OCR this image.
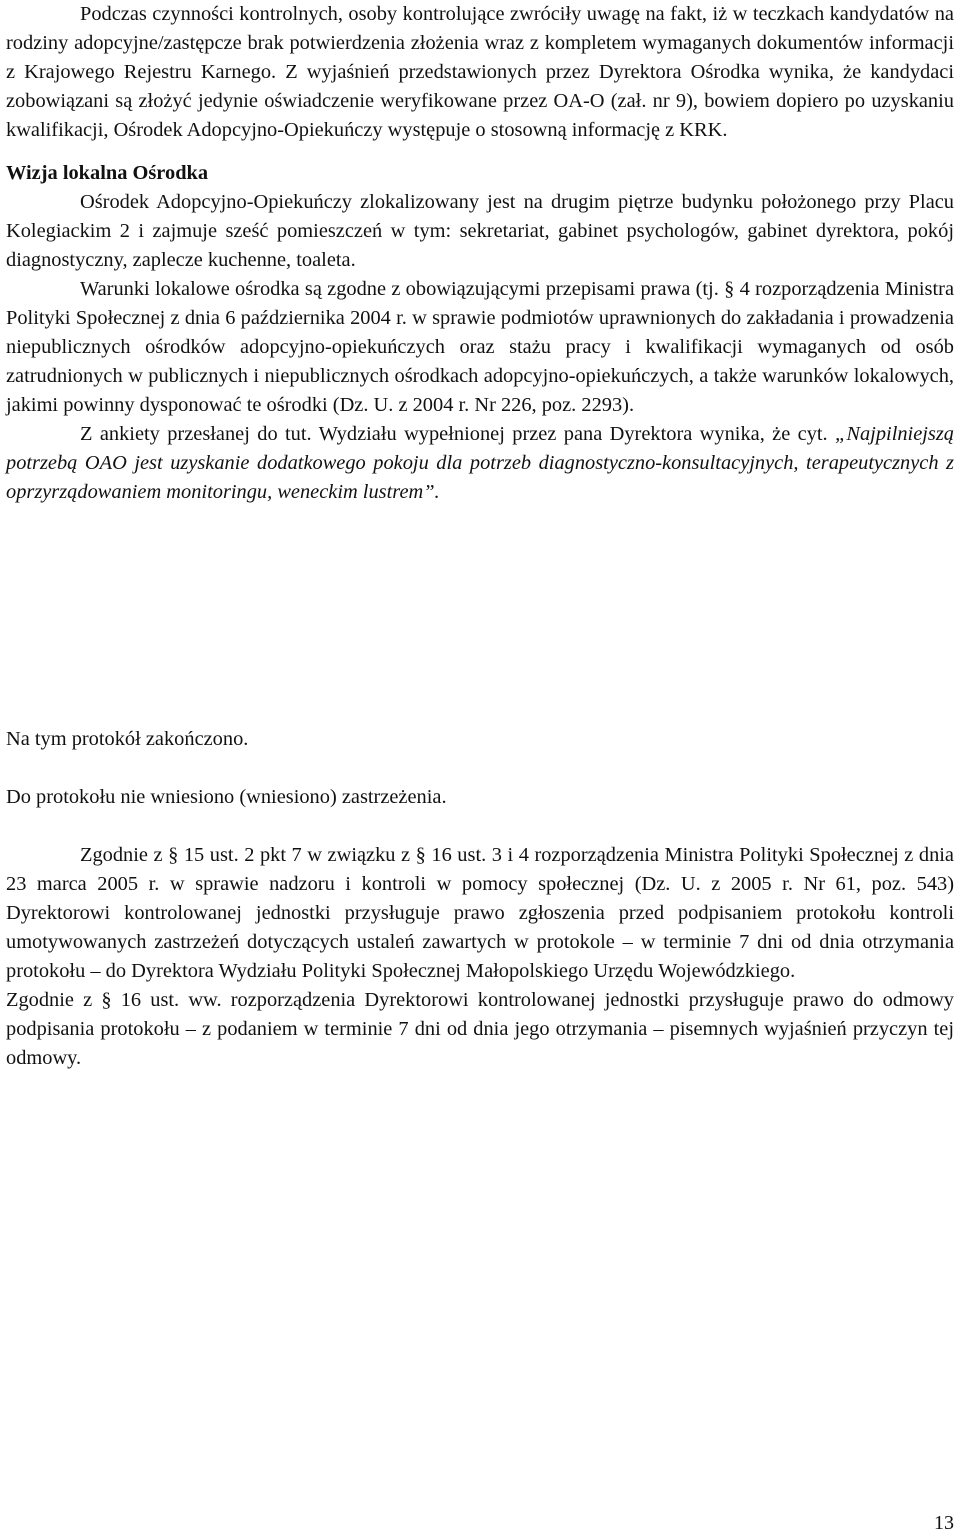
Podczas czynności kontrolnych, osoby kontrolujące zwróciły uwagę na fakt, iż w teczkach kandydatów na rodziny adopcyjne/zastępcze brak potwierdzenia złożenia wraz z kompletem wymaganych dokumentów informacji z Krajowego Rejestru Karnego. Z wyjaśnień przedstawionych przez Dyrektora Ośrodka wynika, że kandydaci zobowiązani są złożyć jedynie oświadczenie weryfikowane przez OA-O (zał. nr 9), bowiem dopiero po uzyskaniu kwalifikacji, Ośrodek Adopcyjno-Opiekuńczy występuje o stosowną informację z KRK.

Wizja lokalna Ośrodka

Ośrodek Adopcyjno-Opiekuńczy zlokalizowany jest na drugim piętrze budynku położonego przy Placu Kolegiackim 2 i zajmuje sześć pomieszczeń w tym: sekretariat, gabinet psychologów, gabinet dyrektora, pokój diagnostyczny, zaplecze kuchenne, toaleta.

Warunki lokalowe ośrodka są zgodne z obowiązującymi przepisami prawa (tj. § 4 rozporządzenia Ministra Polityki Społecznej z dnia 6 października 2004 r. w sprawie podmiotów uprawnionych do zakładania i prowadzenia niepublicznych ośrodków adopcyjno-opiekuńczych oraz stażu pracy i kwalifikacji wymaganych od osób zatrudnionych w publicznych i niepublicznych ośrodkach adopcyjno-opiekuńczych, a także warunków lokalowych, jakimi powinny dysponować te ośrodki (Dz. U. z 2004 r. Nr 226, poz. 2293).

Z ankiety przesłanej do tut. Wydziału wypełnionej przez pana Dyrektora wynika, że cyt. „Najpilniejszą potrzebą OAO jest uzyskanie dodatkowego pokoju dla potrzeb diagnostyczno-konsultacyjnych, terapeutycznych z oprzyrządowaniem monitoringu, weneckim lustrem”.

Na tym protokół zakończono.

Do protokołu nie wniesiono (wniesiono) zastrzeżenia.

Zgodnie z § 15 ust. 2 pkt 7 w związku z § 16 ust. 3 i 4 rozporządzenia Ministra Polityki Społecznej z dnia 23 marca 2005 r. w sprawie nadzoru i kontroli w pomocy społecznej (Dz. U. z 2005 r. Nr 61, poz. 543) Dyrektorowi kontrolowanej jednostki przysługuje prawo zgłoszenia przed podpisaniem protokołu kontroli umotywowanych zastrzeżeń dotyczących ustaleń zawartych w protokole – w terminie 7 dni od dnia otrzymania protokołu – do Dyrektora Wydziału Polityki Społecznej Małopolskiego Urzędu Wojewódzkiego.

Zgodnie z § 16 ust. ww. rozporządzenia Dyrektorowi kontrolowanej jednostki przysługuje prawo do odmowy podpisania protokołu – z podaniem w terminie 7 dni od dnia jego otrzymania – pisemnych wyjaśnień przyczyn tej odmowy.

13
